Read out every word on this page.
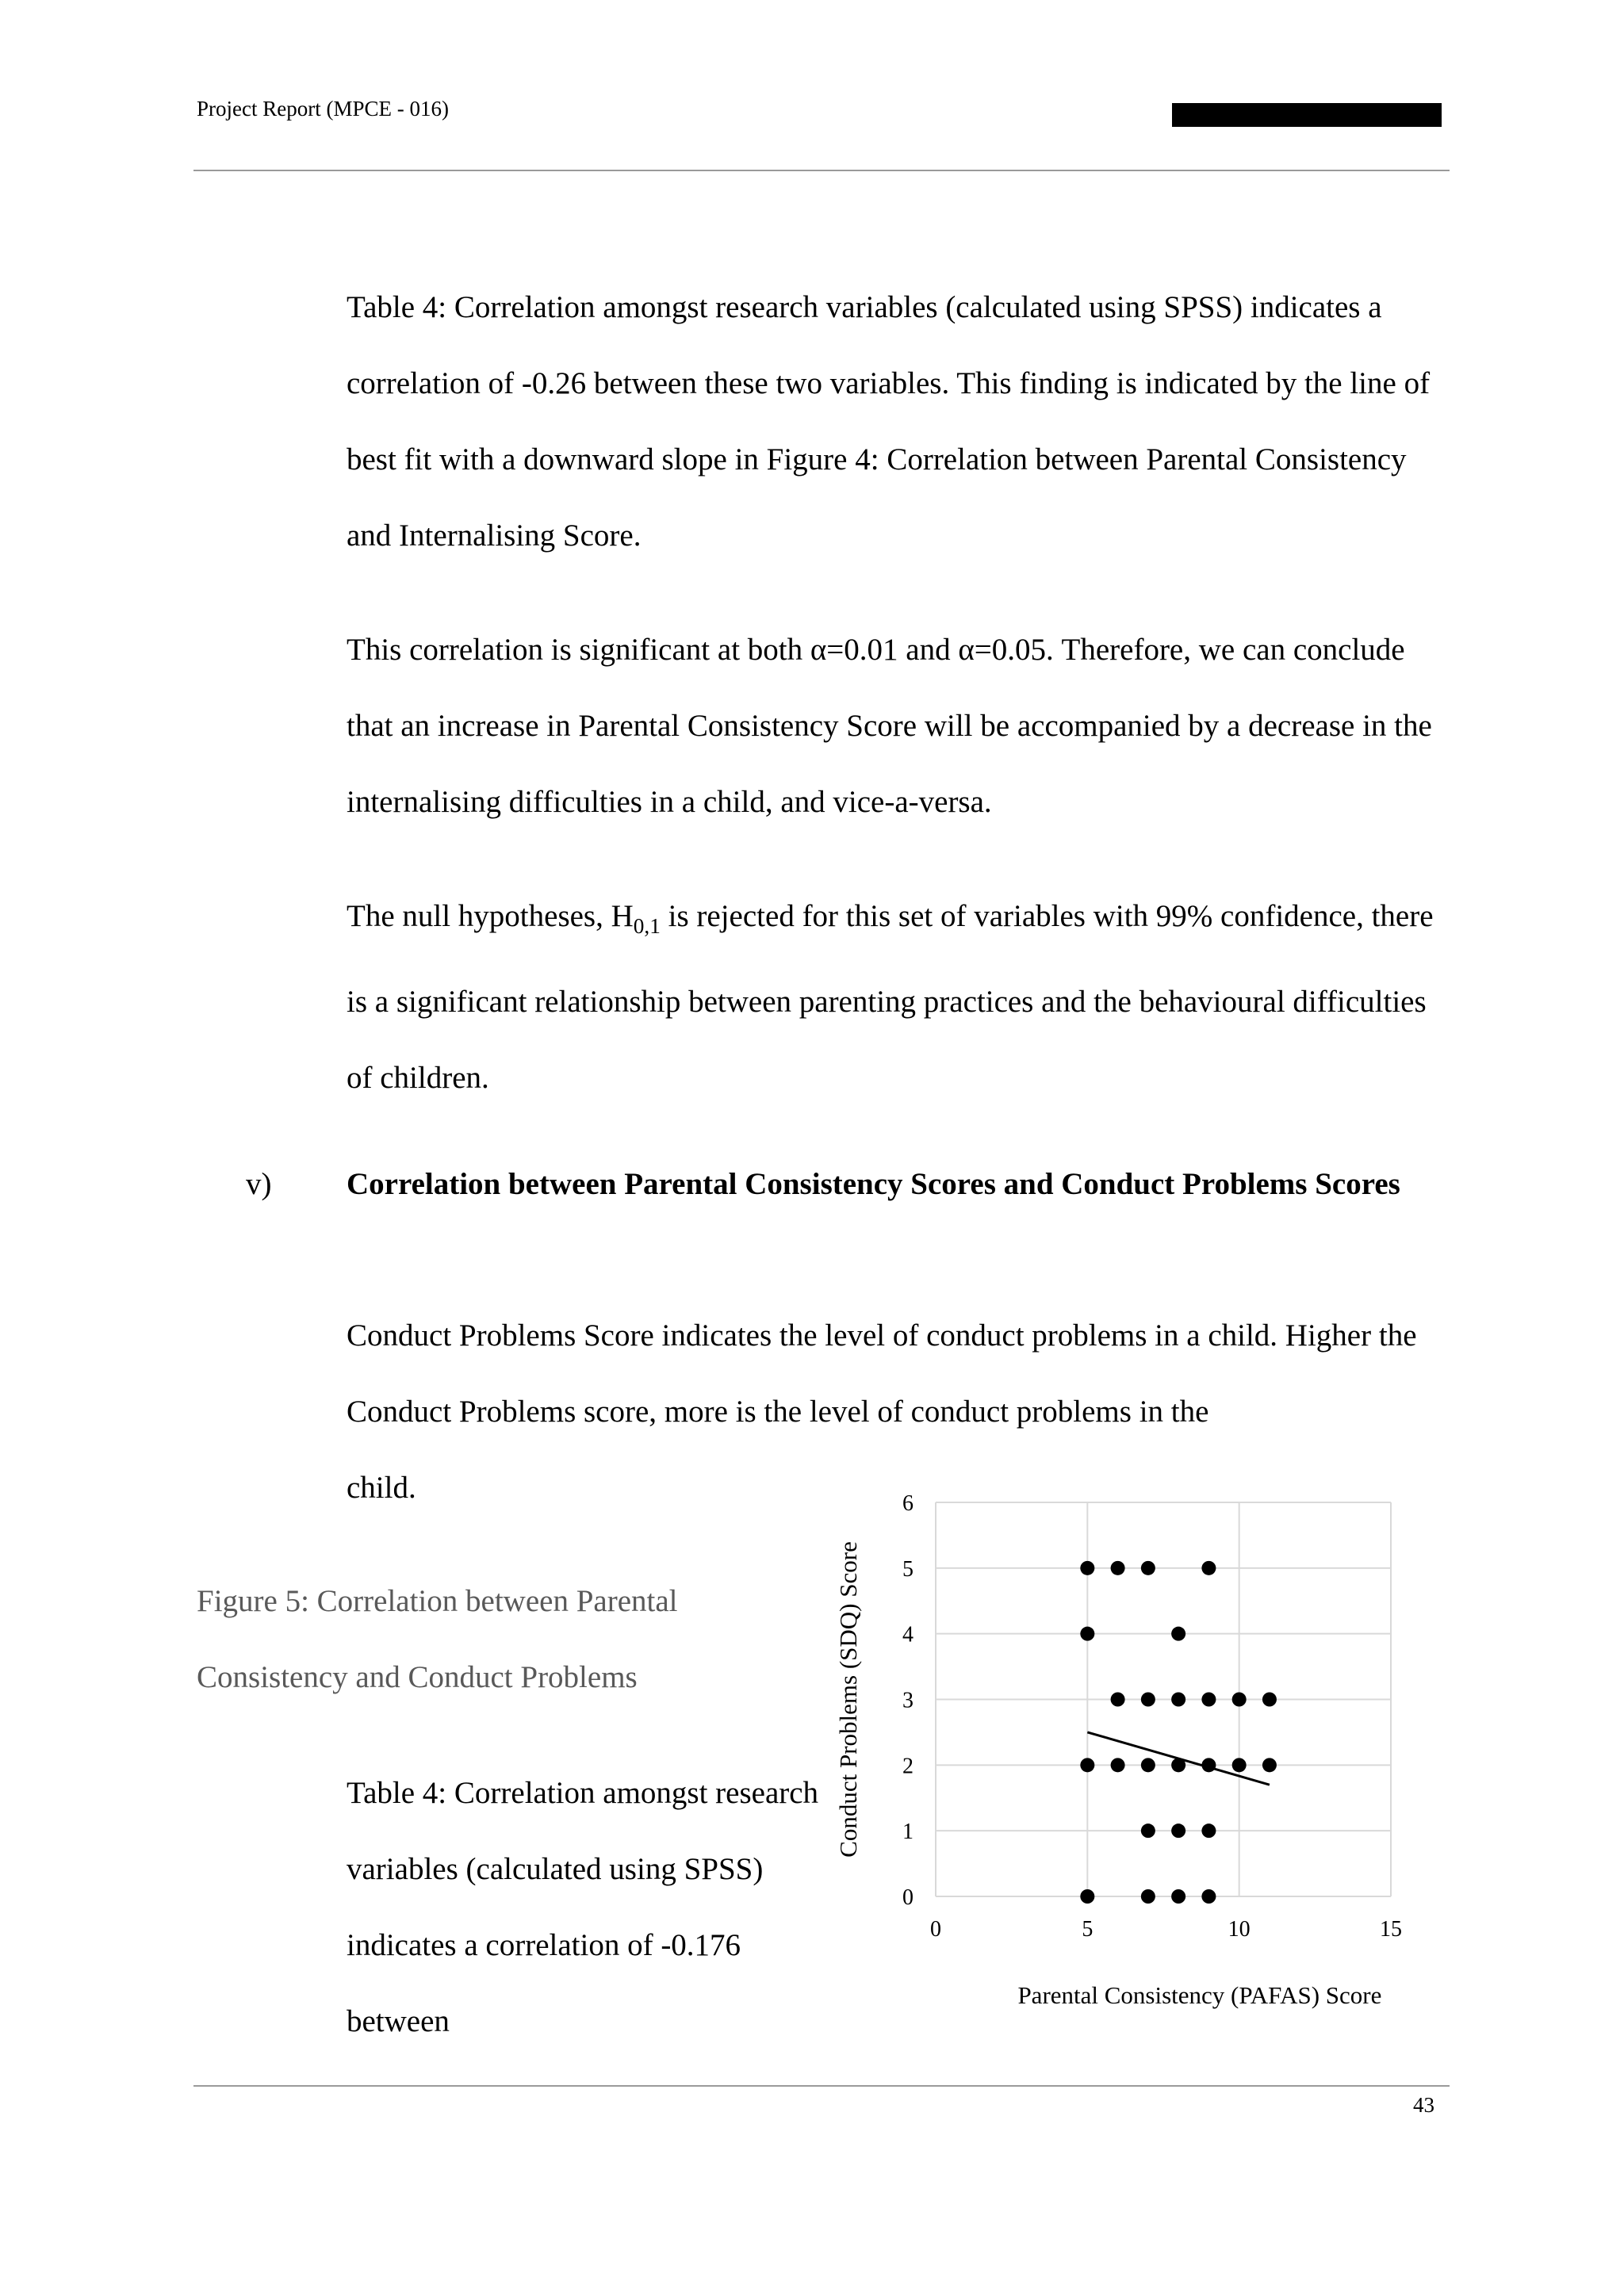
Project Report (MPCE - 016)

Table 4: Correlation amongst research variables (calculated using SPSS) indicates a correlation of -0.26 between these two variables. This finding is indicated by the line of best fit with a downward slope in Figure 4: Correlation between Parental Consistency and Internalising Score.

This correlation is significant at both α=0.01 and α=0.05. Therefore, we can conclude that an increase in Parental Consistency Score will be accompanied by a decrease in the internalising difficulties in a child, and vice-a-versa.

The null hypotheses, $H_{0,1}$ is rejected for this set of variables with 99% confidence, there is a significant relationship between parenting practices and the behavioural difficulties of children.

v) Correlation between Parental Consistency Scores and Conduct Problems Scores

Conduct Problems Score indicates the level of conduct problems in a child. Higher the Conduct Problems score, more is the level of conduct problems in the

child.

Figure 5: Correlation between Parental Consistency and Conduct Problems

Table 4: Correlation amongst research variables (calculated using SPSS) indicates a correlation of -0.176 between

0
1
2
3
4
5
6
0	5	10	15
Parental Consistency (PAFAS) Score
Conduct Problems (SDQ) Score
43
